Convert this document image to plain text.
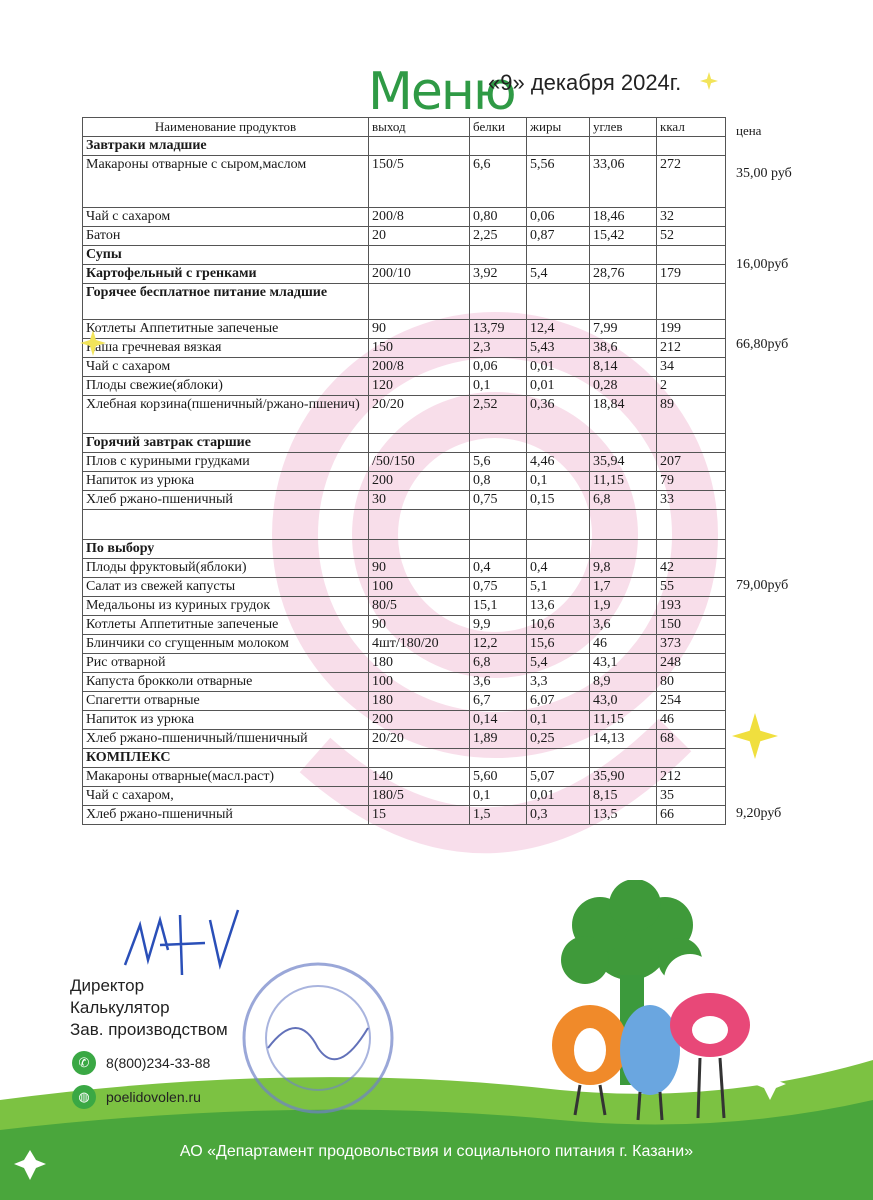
Меню
«9» декабря 2024г.
Наименование продуктов	выход	белки	жиры	углев	ккал
Завтраки младшие					
Макароны отварные с сыром,маслом	150/5	6,6	5,56	33,06	272
Чай с сахаром	200/8	0,80	0,06	18,46	32
Батон	20	2,25	0,87	15,42	52
Супы					
Картофельный с гренками	200/10	3,92	5,4	28,76	179
Горячее бесплатное питание младшие					
Котлеты Аппетитные запеченые	90	13,79	12,4	7,99	199
Каша гречневая вязкая	150	2,3	5,43	38,6	212
Чай с сахаром	200/8	0,06	0,01	8,14	34
Плоды свежие(яблоки)	120	0,1	0,01	0,28	2
Хлебная корзина(пшеничный/ржано-пшенич)	20/20	2,52	0,36	18,84	89
Горячий завтрак старшие					
Плов с куриными грудками	/50/150	5,6	4,46	35,94	207
Напиток из урюка	200	0,8	0,1	11,15	79
Хлеб ржано-пшеничный	30	0,75	0,15	6,8	33

По выбору					
Плоды фруктовый(яблоки)	90	0,4	0,4	9,8	42
Салат из свежей капусты	100	0,75	5,1	1,7	55
Медальоны из куриных грудок	80/5	15,1	13,6	1,9	193
Котлеты Аппетитные запеченые	90	9,9	10,6	3,6	150
Блинчики со сгущенным молоком	4шт/180/20	12,2	15,6	46	373
Рис отварной	180	6,8	5,4	43,1	248
Капуста брокколи отварные	100	3,6	3,3	8,9	80
Спагетти отварные	180	6,7	6,07	43,0	254
Напиток из урюка	200	0,14	0,1	11,15	46
Хлеб ржано-пшеничный/пшеничный	20/20	1,89	0,25	14,13	68
КОМПЛЕКС					
Макароны отварные(масл.раст)	140	5,60	5,07	35,90	212
Чай с сахаром,	180/5	0,1	0,01	8,15	35
Хлеб ржано-пшеничный	15	1,5	0,3	13,5	66
цена
35,00 руб
16,00руб
66,80руб
79,00руб
9,20руб
Директор
Калькулятор
Зав. производством
✆	8(800)234-33-88
◍	poelidovolen.ru
АО «Департамент продовольствия и социального питания г. Казани»
